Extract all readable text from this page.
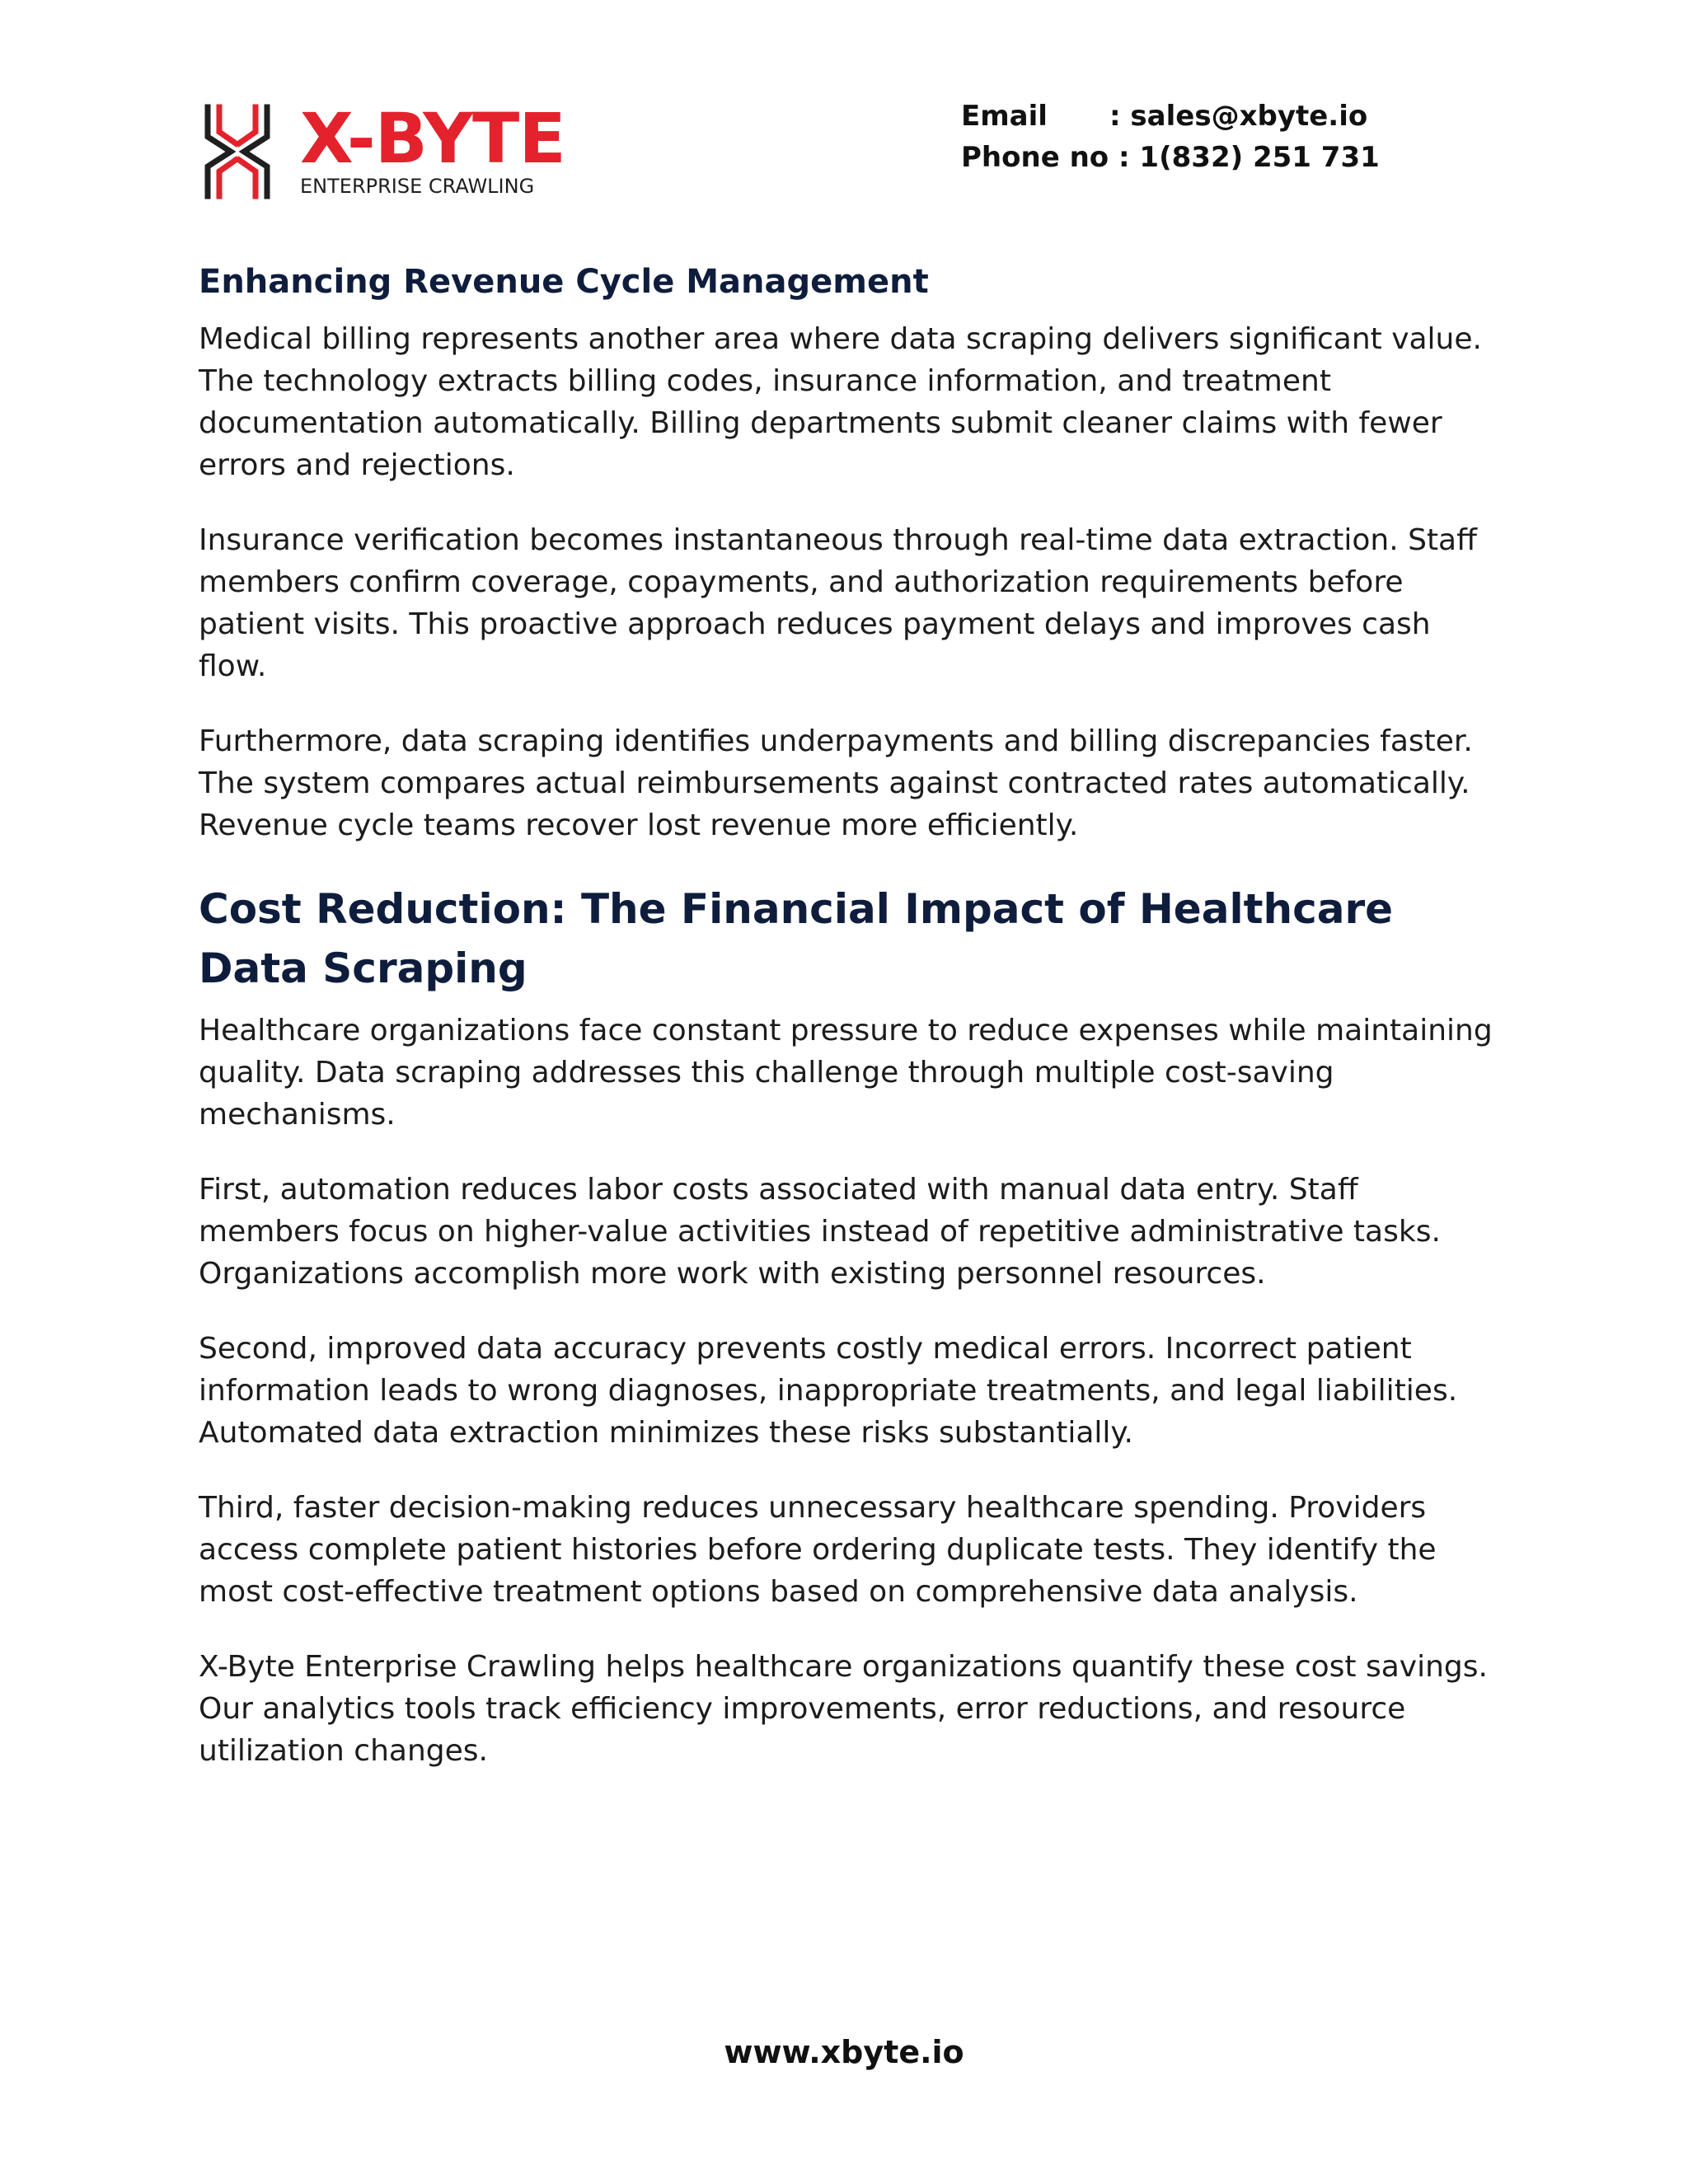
X-BYTE
ENTERPRISE CRAWLING
Email : sales@xbyte.io
Phone no : 1(832) 251 731
Enhancing Revenue Cycle Management

Medical billing represents another area where data scraping delivers significant value. The technology extracts billing codes, insurance information, and treatment documentation automatically. Billing departments submit cleaner claims with fewer errors and rejections.

Insurance verification becomes instantaneous through real-time data extraction. Staff members confirm coverage, copayments, and authorization requirements before patient visits. This proactive approach reduces payment delays and improves cash flow.

Furthermore, data scraping identifies underpayments and billing discrepancies faster. The system compares actual reimbursements against contracted rates automatically. Revenue cycle teams recover lost revenue more efficiently.

Cost Reduction: The Financial Impact of Healthcare Data Scraping

Healthcare organizations face constant pressure to reduce expenses while maintaining quality. Data scraping addresses this challenge through multiple cost-saving mechanisms.

First, automation reduces labor costs associated with manual data entry. Staff members focus on higher-value activities instead of repetitive administrative tasks. Organizations accomplish more work with existing personnel resources.

Second, improved data accuracy prevents costly medical errors. Incorrect patient information leads to wrong diagnoses, inappropriate treatments, and legal liabilities. Automated data extraction minimizes these risks substantially.

Third, faster decision-making reduces unnecessary healthcare spending. Providers access complete patient histories before ordering duplicate tests. They identify the most cost-effective treatment options based on comprehensive data analysis.

X-Byte Enterprise Crawling helps healthcare organizations quantify these cost savings. Our analytics tools track efficiency improvements, error reductions, and resource utilization changes.

www.xbyte.io
